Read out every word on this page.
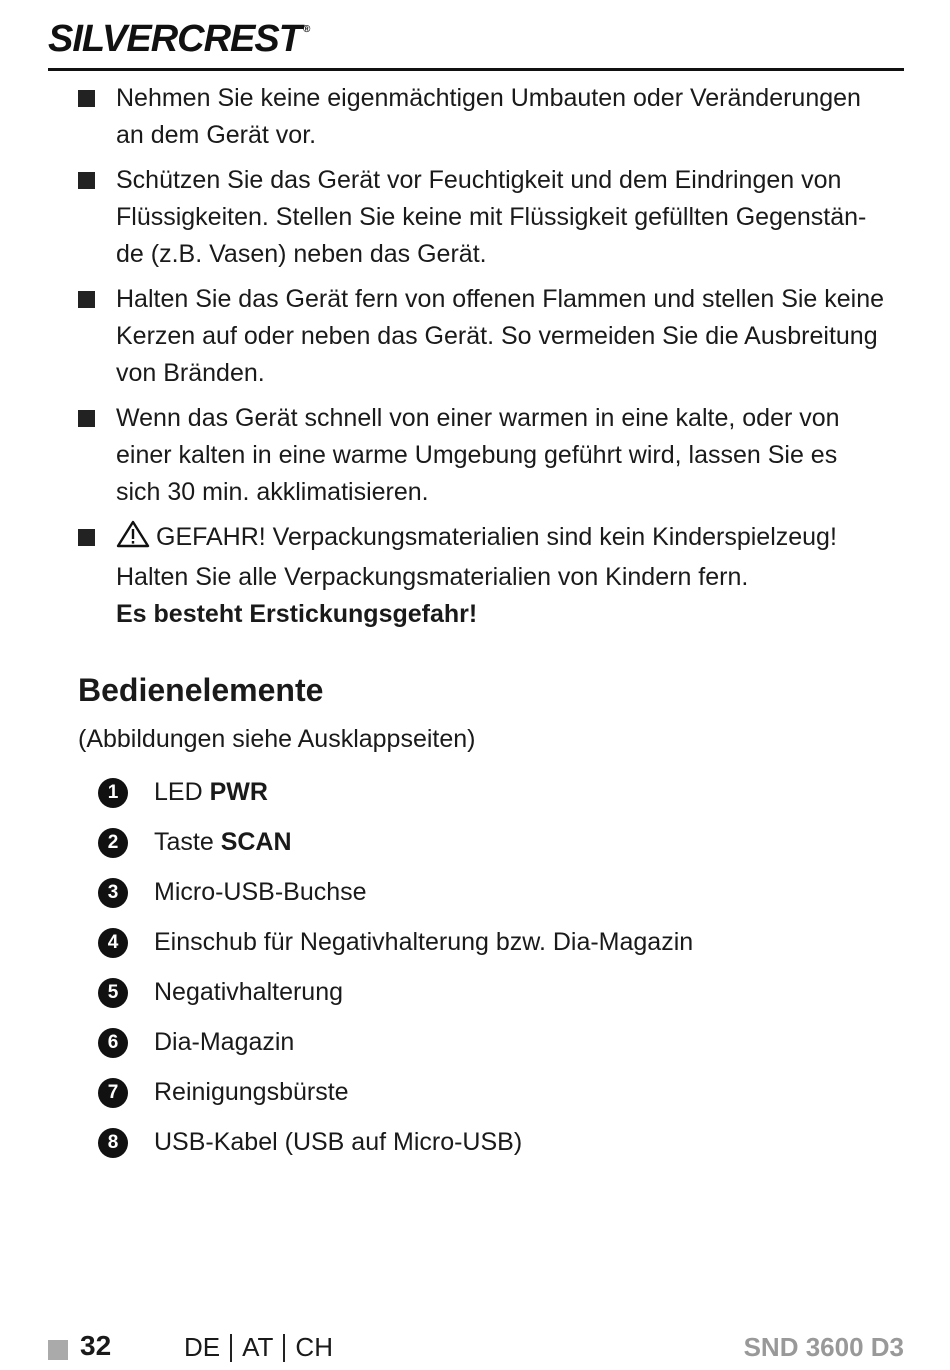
SILVERCREST ®
Nehmen Sie keine eigenmächtigen Umbauten oder Veränderungen an dem Gerät vor.
Schützen Sie das Gerät vor Feuchtigkeit und dem Eindringen von Flüssigkeiten. Stellen Sie keine mit Flüssigkeit gefüllten Gegenstän-de (z.B. Vasen) neben das Gerät.
Halten Sie das Gerät fern von offenen Flammen und stellen Sie keine Kerzen auf oder neben das Gerät. So vermeiden Sie die Ausbreitung von Bränden.
Wenn das Gerät schnell von einer warmen in eine kalte, oder von einer kalten in eine warme Umgebung geführt wird, lassen Sie es sich 30 min. akklimatisieren.
GEFAHR! Verpackungsmaterialien sind kein Kinderspielzeug! Halten Sie alle Verpackungsmaterialien von Kindern fern.
Es besteht Erstickungsgefahr!
Bedienelemente
(Abbildungen siehe Ausklappseiten)
1	LED PWR
2	Taste SCAN
3	Micro-USB-Buchse
4	Einschub für Negativhalterung bzw. Dia-Magazin
5	Negativhalterung
6	Dia-Magazin
7	Reinigungsbürste
8	USB-Kabel (USB auf Micro-USB)
32	DE AT CH	SND 3600 D3
